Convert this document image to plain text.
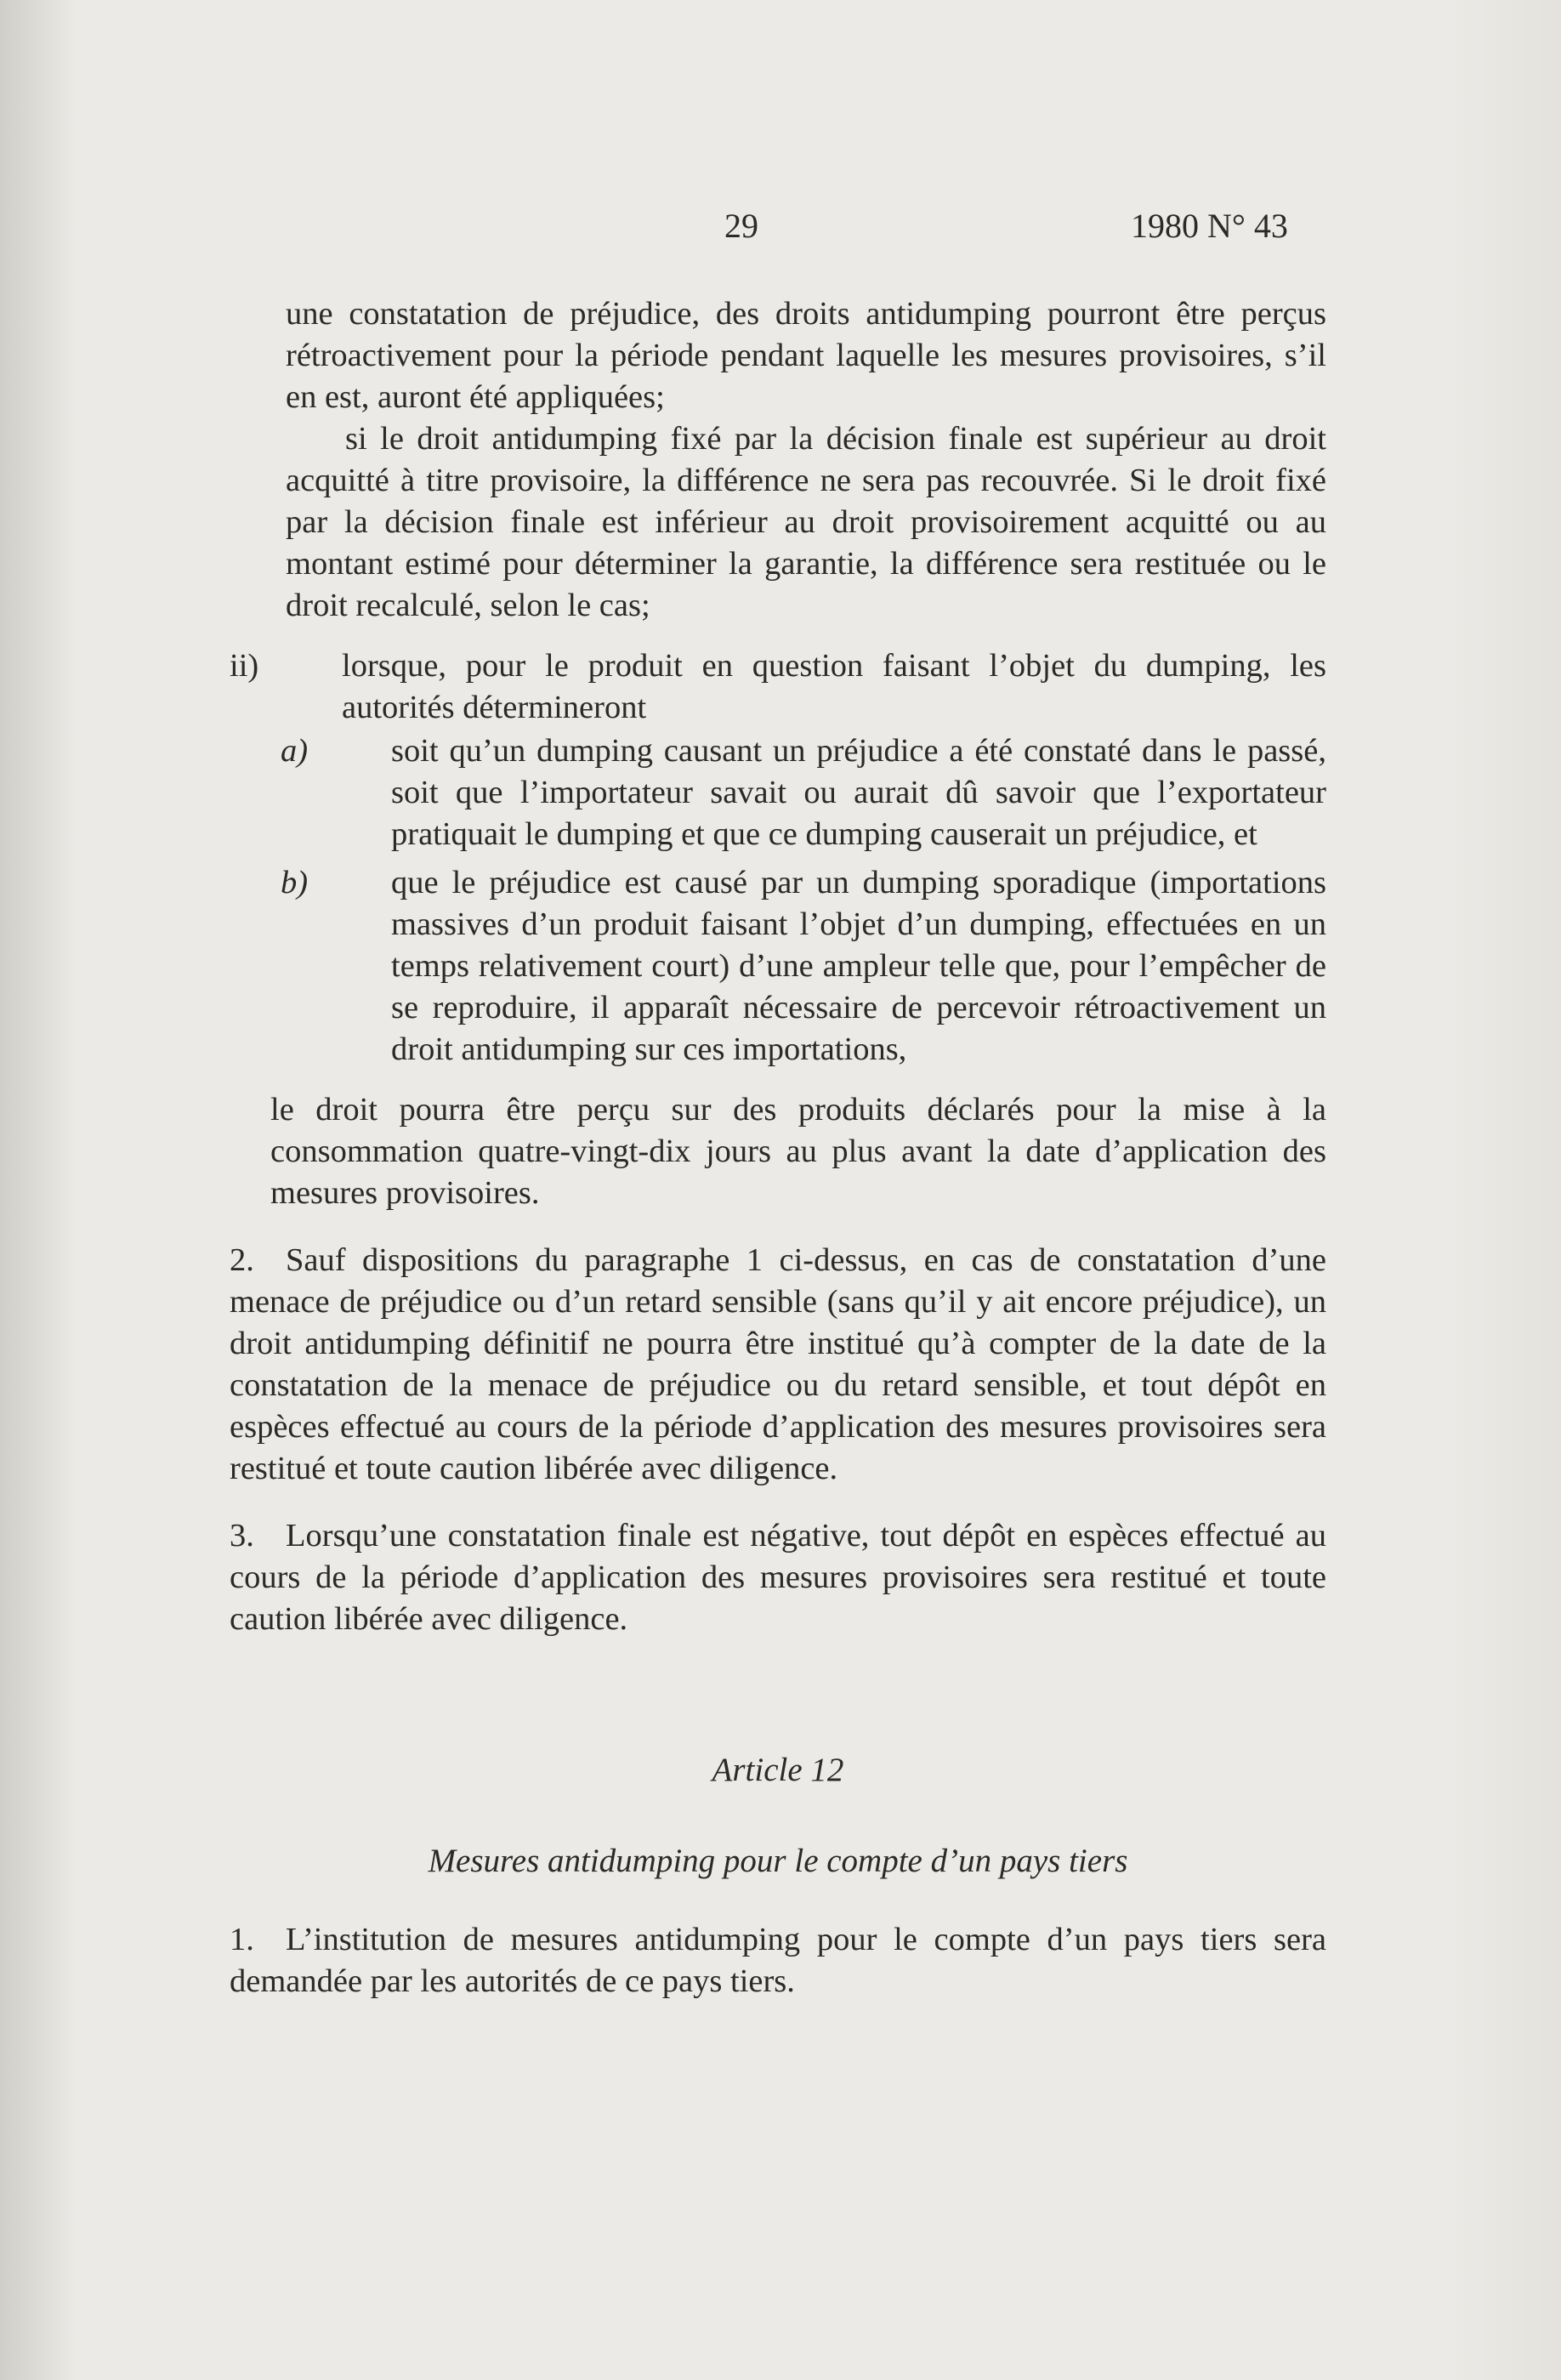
29	1980 N° 43

une constatation de préjudice, des droits antidumping pourront être perçus rétroactivement pour la période pendant laquelle les mesures provisoires, s’il en est, auront été appliquées;

si le droit antidumping fixé par la décision finale est supérieur au droit acquitté à titre provisoire, la différence ne sera pas recouvrée. Si le droit fixé par la décision finale est inférieur au droit provisoirement acquitté ou au montant estimé pour déterminer la garantie, la différence sera restituée ou le droit recalculé, selon le cas;

ii)	lorsque, pour le produit en question faisant l’objet du dumping, les autorités détermineront

a)	soit qu’un dumping causant un préjudice a été constaté dans le passé, soit que l’importateur savait ou aurait dû savoir que l’exportateur pratiquait le dumping et que ce dumping causerait un préjudice, et

b)	que le préjudice est causé par un dumping sporadique (importations massives d’un produit faisant l’objet d’un dumping, effectuées en un temps relativement court) d’une ampleur telle que, pour l’empêcher de se reproduire, il apparaît nécessaire de percevoir rétroactivement un droit antidumping sur ces importations,

le droit pourra être perçu sur des produits déclarés pour la mise à la consommation quatre-vingt-dix jours au plus avant la date d’application des mesures provisoires.

2. Sauf dispositions du paragraphe 1 ci-dessus, en cas de constatation d’une menace de préjudice ou d’un retard sensible (sans qu’il y ait encore préjudice), un droit antidumping définitif ne pourra être institué qu’à compter de la date de la constatation de la menace de préjudice ou du retard sensible, et tout dépôt en espèces effectué au cours de la période d’application des mesures provisoires sera restitué et toute caution libérée avec diligence.

3. Lorsqu’une constatation finale est négative, tout dépôt en espèces effectué au cours de la période d’application des mesures provisoires sera restitué et toute caution libérée avec diligence.

Article 12

Mesures antidumping pour le compte d’un pays tiers

1. L’institution de mesures antidumping pour le compte d’un pays tiers sera demandée par les autorités de ce pays tiers.
